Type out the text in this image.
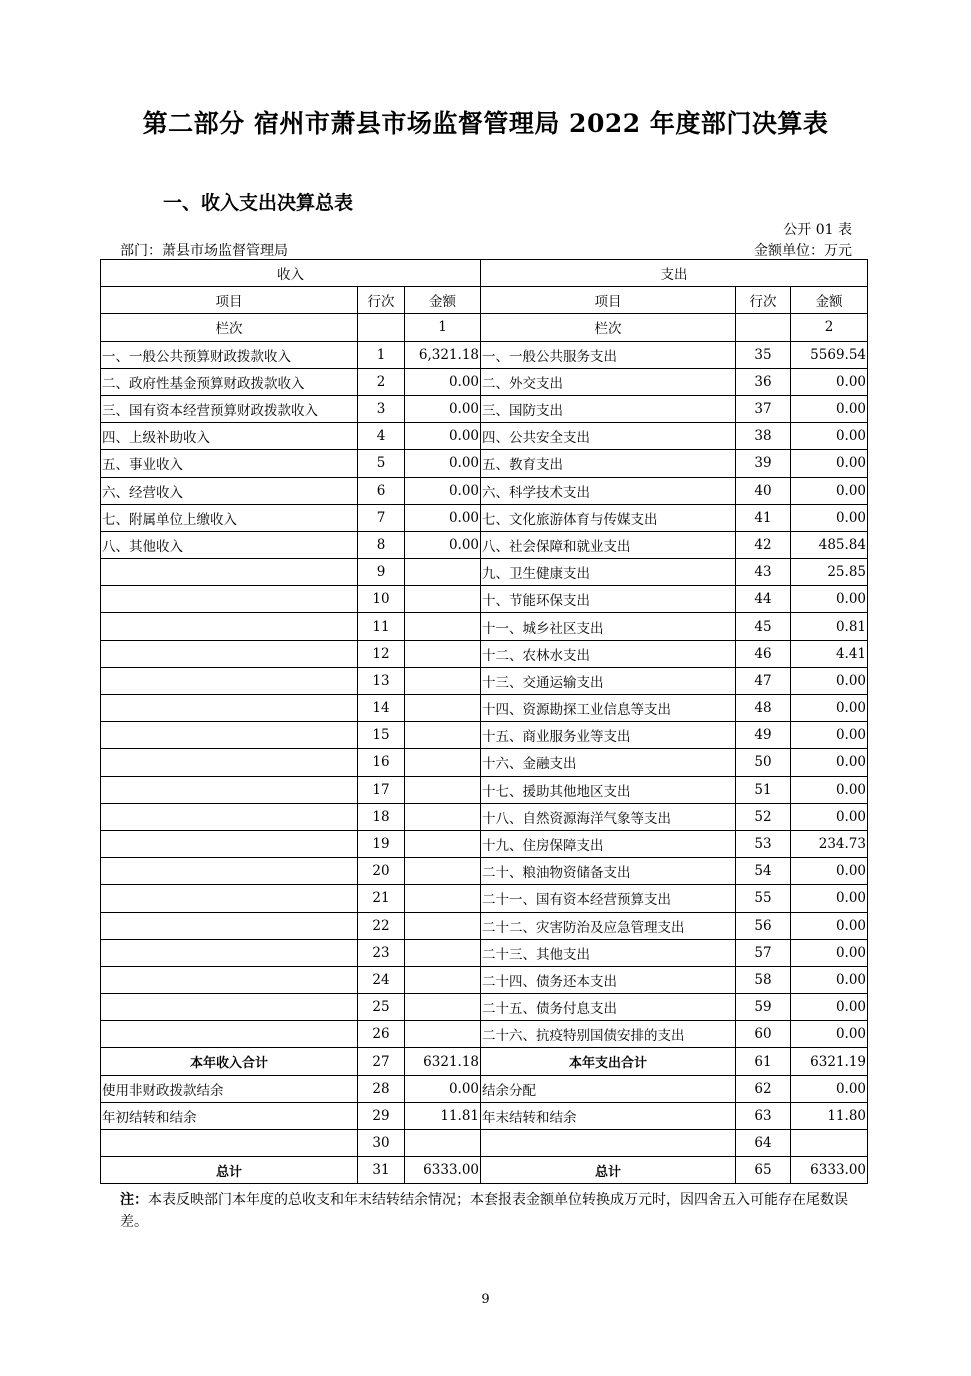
第二部分 宿州市萧县市场监督管理局 2022 年度部门决算表
一、收入支出决算总表
公开 01 表
部门：萧县市场监督管理局	金额单位：万元
收入			支出		
项目	行次	金额	项目	行次	金额
栏次		1	栏次		2
一、一般公共预算财政拨款收入	1	6,321.18	一、一般公共服务支出	35	5569.54
二、政府性基金预算财政拨款收入	2	0.00	二、外交支出	36	0.00
三、国有资本经营预算财政拨款收入	3	0.00	三、国防支出	37	0.00
四、上级补助收入	4	0.00	四、公共安全支出	38	0.00
五、事业收入	5	0.00	五、教育支出	39	0.00
六、经营收入	6	0.00	六、科学技术支出	40	0.00
七、附属单位上缴收入	7	0.00	七、文化旅游体育与传媒支出	41	0.00
八、其他收入	8	0.00	八、社会保障和就业支出	42	485.84
	9		九、卫生健康支出	43	25.85
	10		十、节能环保支出	44	0.00
	11		十一、城乡社区支出	45	0.81
	12		十二、农林水支出	46	4.41
	13		十三、交通运输支出	47	0.00
	14		十四、资源勘探工业信息等支出	48	0.00
	15		十五、商业服务业等支出	49	0.00
	16		十六、金融支出	50	0.00
	17		十七、援助其他地区支出	51	0.00
	18		十八、自然资源海洋气象等支出	52	0.00
	19		十九、住房保障支出	53	234.73
	20		二十、粮油物资储备支出	54	0.00
	21		二十一、国有资本经营预算支出	55	0.00
	22		二十二、灾害防治及应急管理支出	56	0.00
	23		二十三、其他支出	57	0.00
	24		二十四、债务还本支出	58	0.00
	25		二十五、债务付息支出	59	0.00
	26		二十六、抗疫特别国债安排的支出	60	0.00
本年收入合计	27	6321.18	本年支出合计	61	6321.19
使用非财政拨款结余	28	0.00	结余分配	62	0.00
年初结转和结余	29	11.81	年末结转和结余	63	11.80
	30			64	
总计	31	6333.00	总计	65	6333.00
注：本表反映部门本年度的总收支和年末结转结余情况；本套报表金额单位转换成万元时，因四舍五入可能存在尾数误差。
9
